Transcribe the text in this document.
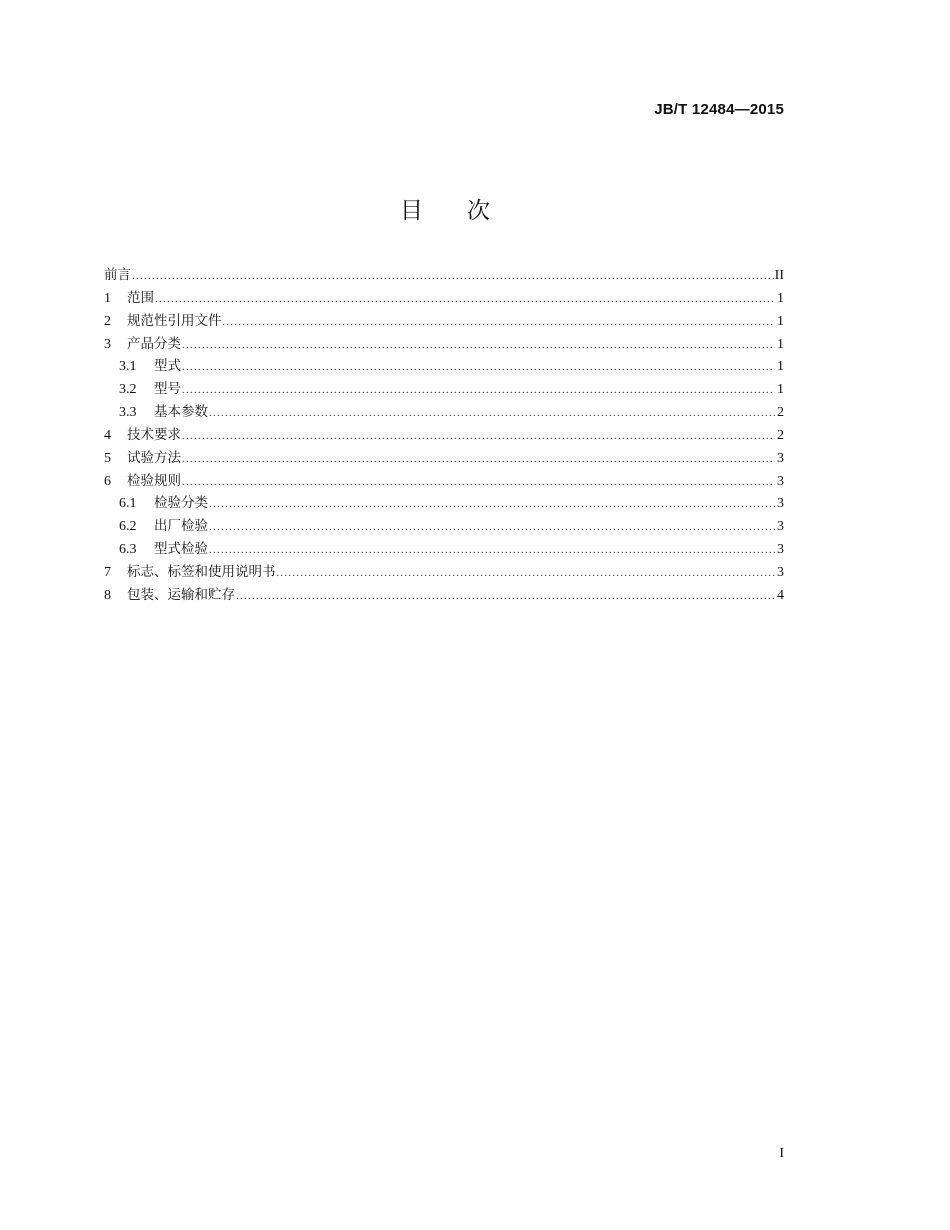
JB/T 12484—2015
目 次
前言 .....	II
1	范围 .....	1
2	规范性引用文件 .....	1
3	产品分类 .....	1
3.1	型式 .....	1
3.2	型号 .....	1
3.3	基本参数 .....	2
4	技术要求 .....	2
5	试验方法 .....	3
6	检验规则 .....	3
6.1	检验分类 .....	3
6.2	出厂检验 .....	3
6.3	型式检验 .....	3
7	标志、标签和使用说明书 .....	3
8	包装、运输和贮存 .....	4
I
